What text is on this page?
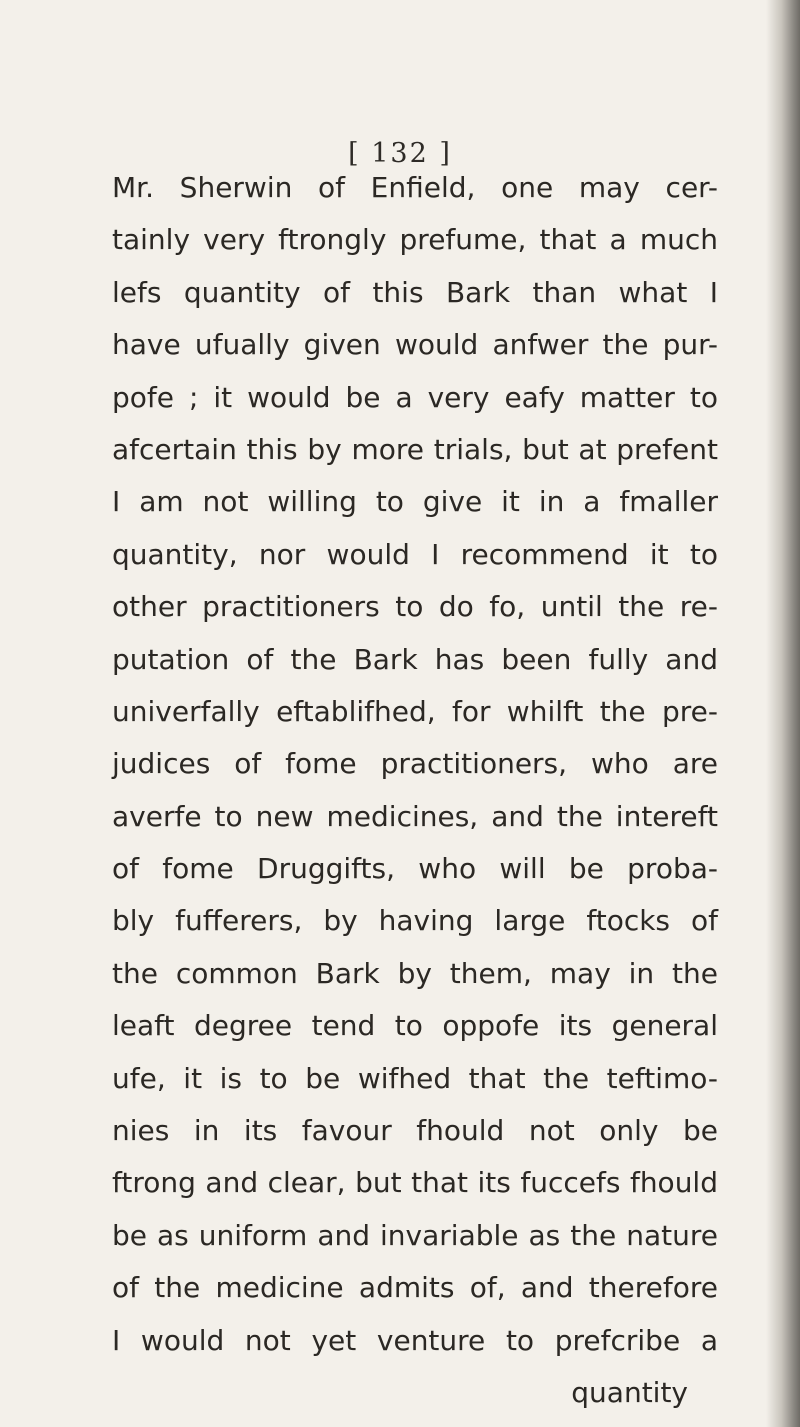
[ 132 ]
Mr. Sherwin of Enfield, one may cer-
tainly very ftrongly prefume, that a much
lefs quantity of this Bark than what I
have ufually given would anfwer the pur-
pofe ; it would be a very eafy matter to
afcertain this by more trials, but at prefent
I am not willing to give it in a fmaller
quantity, nor would I recommend it to
other practitioners to do fo, until the re-
putation of the Bark has been fully and
univerfally eftablifhed, for whilft the pre-
judices of fome practitioners, who are
averfe to new medicines, and the intereft
of fome Druggifts, who will be proba-
bly fufferers, by having large ftocks of
the common Bark by them, may in the
leaft degree tend to oppofe its general
ufe, it is to be wifhed that the teftimo-
nies in its favour fhould not only be
ftrong and clear, but that its fuccefs fhould
be as uniform and invariable as the nature
of the medicine admits of, and therefore
I would not yet venture to prefcribe a
quantity
